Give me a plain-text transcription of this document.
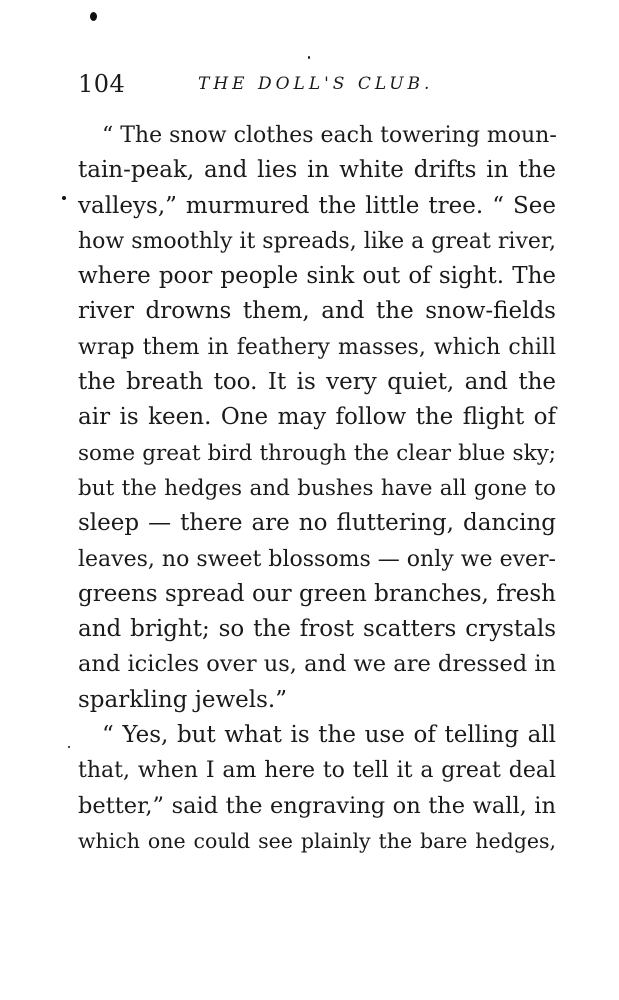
104	THE DOLL'S CLUB.
“ The snow clothes each towering moun-
tain-peak, and lies in white drifts in the
valleys,” murmured the little tree. “ See
how smoothly it spreads, like a great river,
where poor people sink out of sight. The
river drowns them, and the snow-fields
wrap them in feathery masses, which chill
the breath too. It is very quiet, and the
air is keen. One may follow the flight of
some great bird through the clear blue sky;
but the hedges and bushes have all gone to
sleep — there are no fluttering, dancing
leaves, no sweet blossoms — only we ever-
greens spread our green branches, fresh
and bright; so the frost scatters crystals
and icicles over us, and we are dressed in
sparkling jewels.”
“ Yes, but what is the use of telling all
that, when I am here to tell it a great deal
better,” said the engraving on the wall, in
which one could see plainly the bare hedges,
